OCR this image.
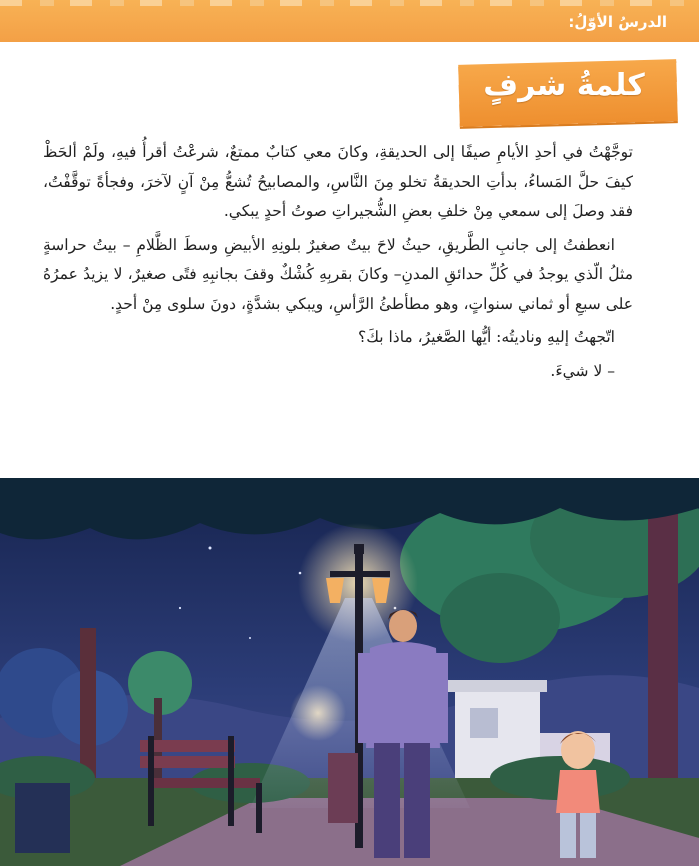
الدرسُ الأوّلُ:
كلمةُ شرفٍ

توجَّهْتُ في أحدِ الأيامِ صيفًا إلى الحديقةِ، وكانَ معي كتابٌ ممتعٌ، شرعْتُ أقرأُ فيهِ، ولَمْ ألحَظْ كيفَ حلَّ المَساءُ، بدأتِ الحديقةُ تخلو مِنَ النَّاسِ، والمصابيحُ تُشعُّ مِنْ آنٍ لآخرَ، وفجأةً توقَّفْتُ، فقد وصلَ إلى سمعي مِنْ خلفِ بعضِ الشُّجيراتِ صوتُ أحدٍ يبكي.

انعطفتُ إلى جانبِ الطَّريقِ، حيثُ لاحَ بيتٌ صغيرٌ بلونِهِ الأبيضِ وسطَ الظَّلامِ – بيتُ حراسةٍ مثلُ الّذي يوجدُ في كُلِّ حدائقِ المدنِ– وكانَ بقربِهِ كُشْكٌ وقفَ بجانبِهِ فتًى صغيرٌ، لا يزيدُ عمرُهُ على سبعِ أو ثماني سنواتٍ، وهو مطأطئُ الرَّأسِ، ويبكي بشدَّةٍ، دونَ سلوى مِنْ أحدٍ.

اتّجهتُ إليهِ وناديتُه: أيُّها الصَّغيرُ، ماذا بكَ؟

– لا شيءَ.
